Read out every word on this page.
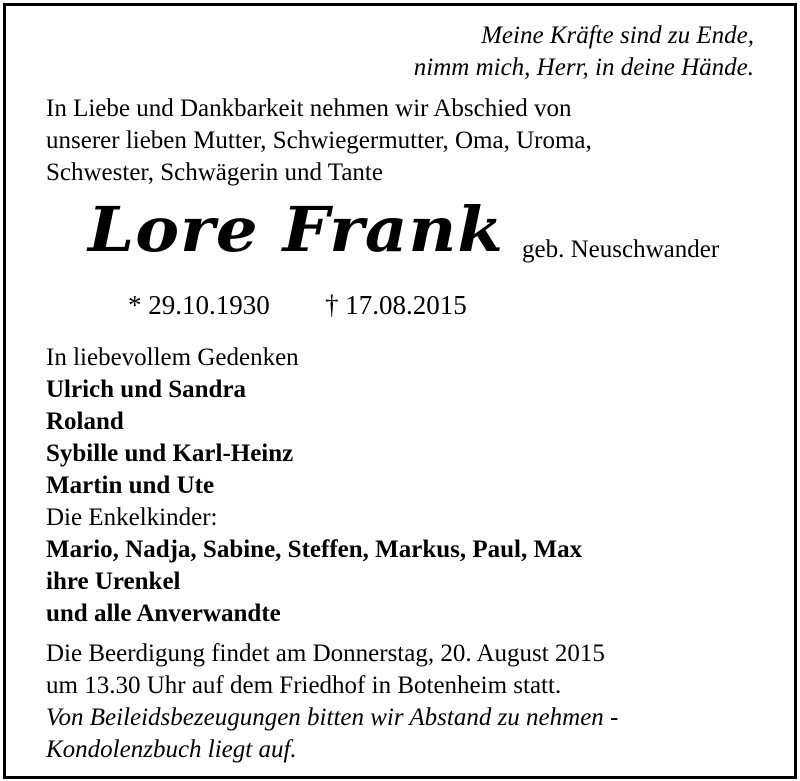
Meine Kräfte sind zu Ende,
nimm mich, Herr, in deine Hände.
In Liebe und Dankbarkeit nehmen wir Abschied von
unserer lieben Mutter, Schwiegermutter, Oma, Uroma,
Schwester, Schwägerin und Tante
Lore Frank geb. Neuschwander
* 29.10.1930 † 17.08.2015
In liebevollem Gedenken
Ulrich und Sandra
Roland
Sybille und Karl-Heinz
Martin und Ute
Die Enkelkinder:
Mario, Nadja, Sabine, Steffen, Markus, Paul, Max
ihre Urenkel
und alle Anverwandte
Die Beerdigung findet am Donnerstag, 20. August 2015
um 13.30 Uhr auf dem Friedhof in Botenheim statt.
Von Beileidsbezeugungen bitten wir Abstand zu nehmen -
Kondolenzbuch liegt auf.
